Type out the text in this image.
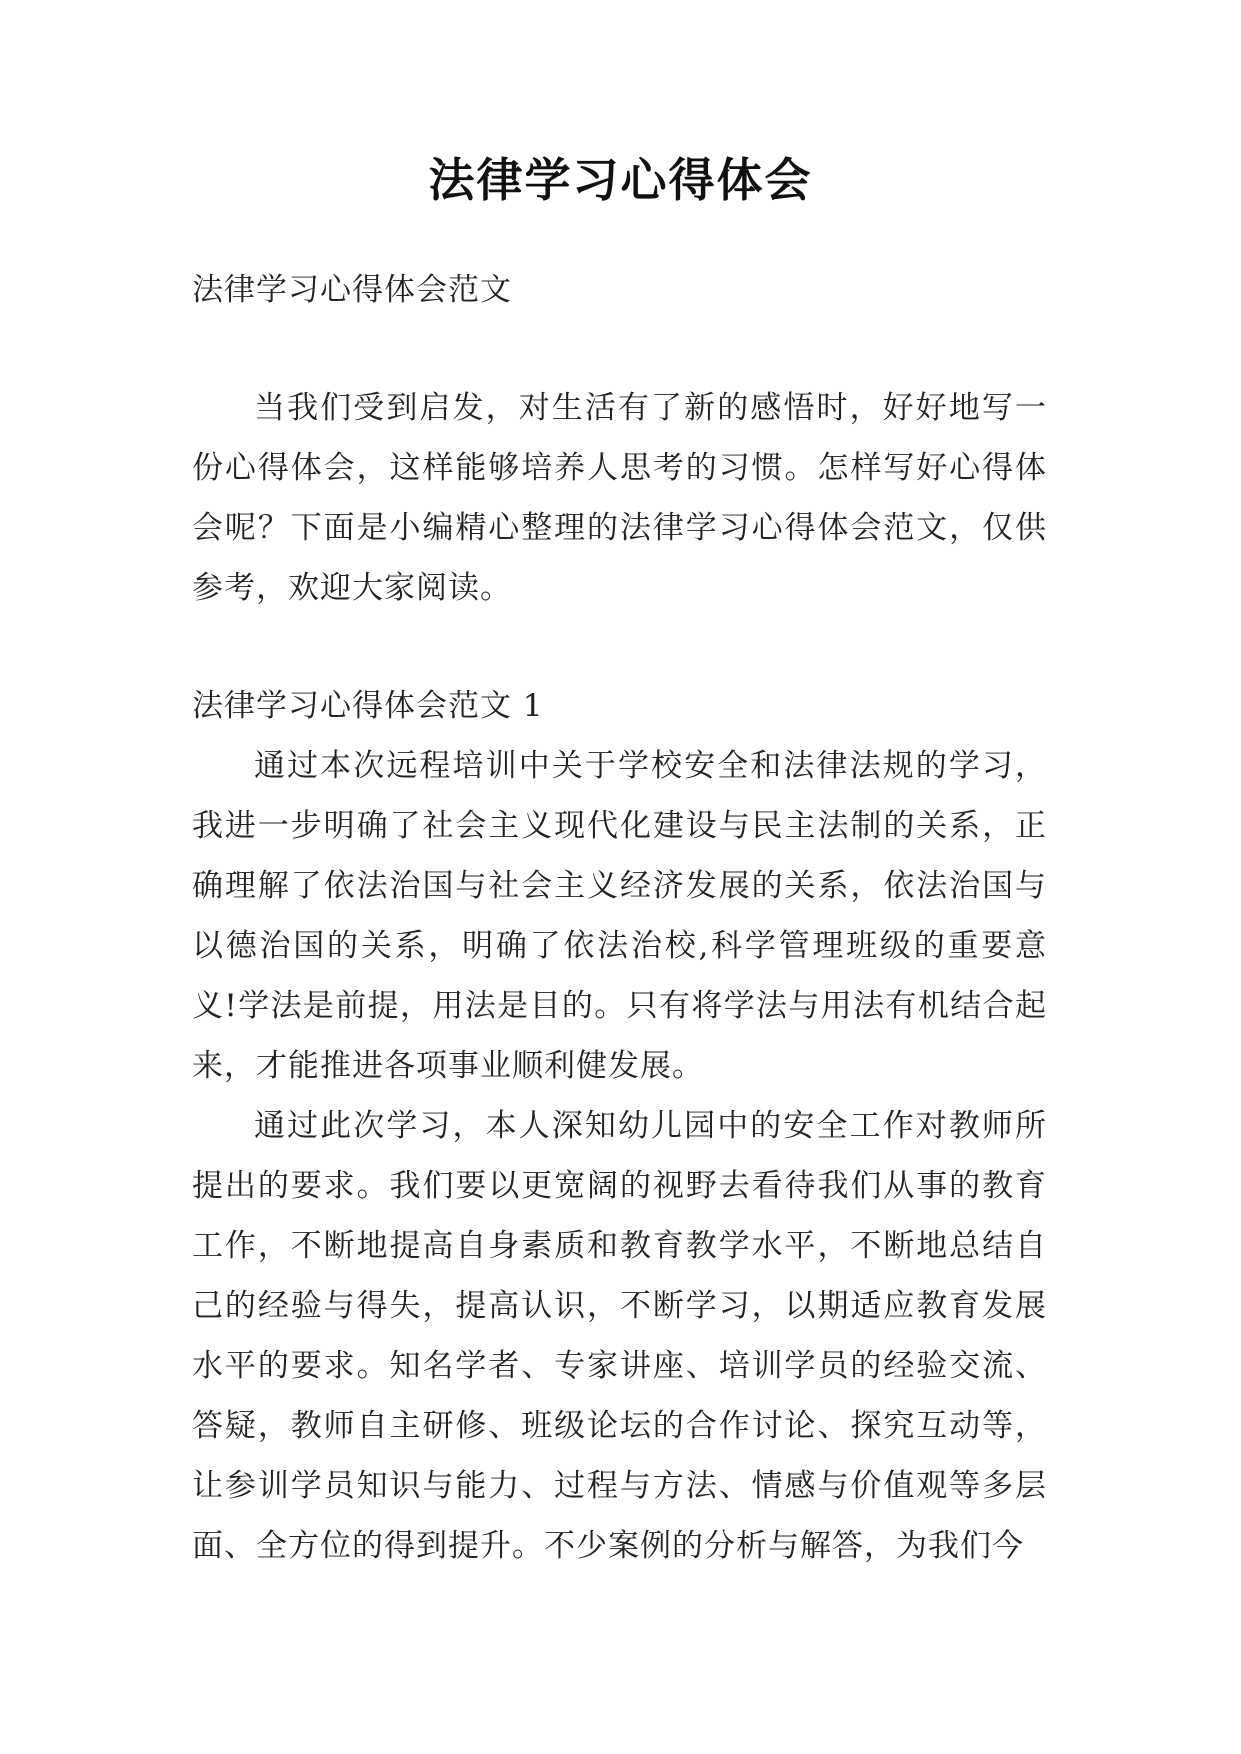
法律学习心得体会

法律学习心得体会范文

当我们受到启发，对生活有了新的感悟时，好好地写一份心得体会，这样能够培养人思考的习惯。怎样写好心得体会呢？下面是小编精心整理的法律学习心得体会范文，仅供参考，欢迎大家阅读。

法律学习心得体会范文 1

通过本次远程培训中关于学校安全和法律法规的学习，我进一步明确了社会主义现代化建设与民主法制的关系，正确理解了依法治国与社会主义经济发展的关系，依法治国与以德治国的关系，明确了依法治校,科学管理班级的重要意义!学法是前提，用法是目的。只有将学法与用法有机结合起来，才能推进各项事业顺利健发展。

通过此次学习，本人深知幼儿园中的安全工作对教师所提出的要求。我们要以更宽阔的视野去看待我们从事的教育工作，不断地提高自身素质和教育教学水平，不断地总结自己的经验与得失，提高认识，不断学习，以期适应教育发展水平的要求。知名学者、专家讲座、培训学员的经验交流、答疑，教师自主研修、班级论坛的合作讨论、探究互动等，让参训学员知识与能力、过程与方法、情感与价值观等多层面、全方位的得到提升。不少案例的分析与解答，为我们今
